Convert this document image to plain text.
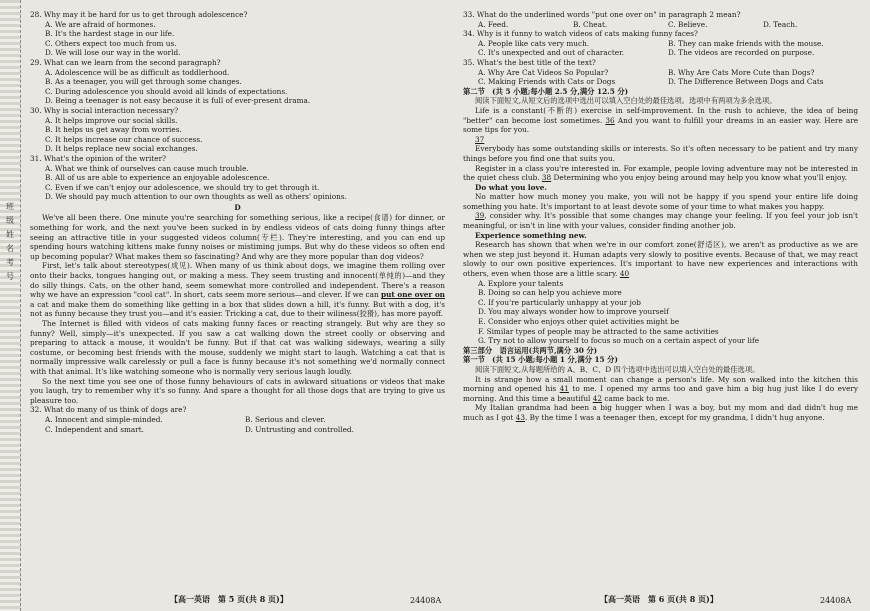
班 级 姓 名 考 号

28. Why may it be hard for us to get through adolescence?

A. We are afraid of hormones.
B. It's the hardest stage in our life.
C. Others expect too much from us.
D. We will lose our way in the world.

29. What can we learn from the second paragraph?

A. Adolescence will be as difficult as toddlerhood.
B. As a teenager, you will get through some changes.
C. During adolescence you should avoid all kinds of expectations.
D. Being a teenager is not easy because it is full of ever-present drama.

30. Why is social interaction necessary?

A. It helps improve our social skills.
B. It helps us get away from worries.
C. It helps increase our chance of success.
D. It helps replace new social exchanges.

31. What's the opinion of the writer?

A. What we think of ourselves can cause much trouble.
B. All of us are able to experience an enjoyable adolescence.
C. Even if we can't enjoy our adolescence, we should try to get through it.
D. We should pay much attention to our own thoughts as well as others' opinions.
D

We've all been there. One minute you're searching for something serious, like a recipe(食谱) for dinner, or something for work, and the next you've been sucked in by endless videos of cats doing funny things after seeing an attractive title in your suggested videos column(专栏). They're interesting, and you can end up spending hours watching kittens make funny noises or mistiming jumps. But why do these videos so often end up becoming popular? What makes them so fascinating? And why are they more popular than dog videos?

First, let's talk about stereotypes(成见). When many of us think about dogs, we imagine them rolling over onto their backs, tongues hanging out, or making a mess. They seem trusting and innocent(单纯的)—and they do silly things. Cats, on the other hand, seem somewhat more controlled and independent. There's a reason why we have an expression "cool cat". In short, cats seem more serious—and clever. If we can put one over on a cat and make them do something like getting in a box that slides down a hill, it's funny. But with a dog, it's not as funny because they trust you—and it's easier. Tricking a cat, due to their wiliness(狡猾), has more payoff.

The Internet is filled with videos of cats making funny faces or reacting strangely. But why are they so funny? Well, simply—it's unexpected. If you saw a cat walking down the street coolly or observing and preparing to attack a mouse, it wouldn't be funny. But if that cat was walking sideways, wearing a silly costume, or becoming best friends with the mouse, suddenly we might start to laugh. Watching a cat that is normally impressive walk carelessly or pull a face is funny because it's not something we'd normally connect with that animal. It's like watching someone who is normally very serious laugh loudly.

So the next time you see one of those funny behaviours of cats in awkward situations or videos that make you laugh, try to remember why it's so funny. And spare a thought for all those dogs that are trying to give us pleasure too.

32. What do many of us think of dogs are?

A. Innocent and simple-minded.	B. Serious and clever.
C. Independent and smart.	D. Untrusting and controlled.
【高一英语　第 5 页(共 8 页)】	24408A

33. What do the underlined words "put one over on" in paragraph 2 mean?

A. Feed.	B. Cheat.	C. Believe.	D. Teach.

34. Why is it funny to watch videos of cats making funny faces?

A. People like cats very much.	B. They can make friends with the mouse.
C. It's unexpected and out of character.	D. The videos are recorded on purpose.

35. What's the best title of the text?

A. Why Are Cat Videos So Popular?	B. Why Are Cats More Cute than Dogs?
C. Making Friends with Cats or Dogs	D. The Difference Between Dogs and Cats

第二节　(共 5 小题;每小题 2.5 分,满分 12.5 分)

阅读下面短文,从短文后的选项中选出可以填入空白处的最佳选项。选项中有两项为多余选项。

Life is a constant(不断的) exercise in self-improvement. In the rush to achieve, the idea of being "better" can become lost sometimes. 36 And you want to fulfill your dreams in an easier way. Here are some tips for you.

37

Everybody has some outstanding skills or interests. So it's often necessary to be patient and try many things before you find one that suits you.

Register in a class you're interested in. For example, people loving adventure may not be interested in the quiet chess club. 38 Determining who you enjoy being around may help you know what you'll enjoy.

Do what you love.

No matter how much money you make, you will not be happy if you spend your entire life doing something you hate. It's important to at least devote some of your time to what makes you happy.

39, consider why. It's possible that some changes may change your feeling. If you feel your job isn't meaningful, or isn't in line with your values, consider finding another job.

Experience something new.

Research has shown that when we're in our comfort zone(舒适区), we aren't as productive as we are when we step just beyond it. Human adapts very slowly to positive events. Because of that, we may react slowly to our own positive experiences. It's important to have new experiences and interactions with others, even when those are a little scary. 40

A. Explore your talents
B. Doing so can help you achieve more
C. If you're particularly unhappy at your job
D. You may always wonder how to improve yourself
E. Consider who enjoys other quiet activities might be
F. Similar types of people may be attracted to the same activities
G. Try not to allow yourself to focus so much on a certain aspect of your life

第三部分　语言运用(共两节,满分 30 分)

第一节　(共 15 小题;每小题 1 分,满分 15 分)

阅读下面短文,从每题所给的 A、B、C、D 四个选项中选出可以填入空白处的最佳选项。

It is strange how a small moment can change a person's life. My son walked into the kitchen this morning and opened his 41 to me. I opened my arms too and gave him a big hug just like I do every morning. And this time a beautiful 42 came back to me.

My Italian grandma had been a big hugger when I was a boy, but my mom and dad didn't hug me much as I got 43. By the time I was a teenager then, except for my grandma, I didn't hug anyone.

【高一英语　第 6 页(共 8 页)】	24408A
